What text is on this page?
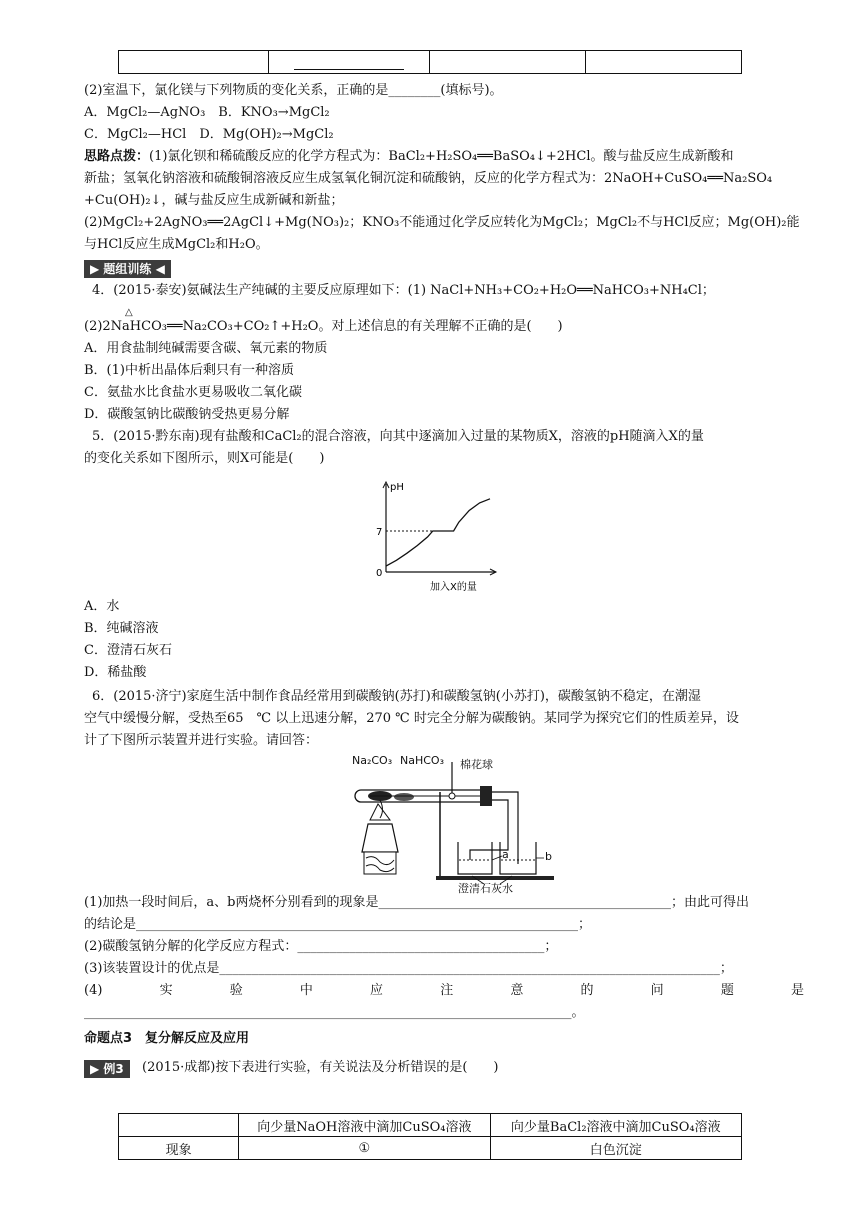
(2)室温下，氯化镁与下列物质的变化关系，正确的是________(填标号)。
A．MgCl₂—AgNO₃　B．KNO₃→MgCl₂
C．MgCl₂—HCl　D．Mg(OH)₂→MgCl₂
思路点拨：(1)氯化钡和稀硫酸反应的化学方程式为：BaCl₂+H₂SO₄══BaSO₄↓+2HCl。酸与盐反应生成新酸和
新盐；氢氧化钠溶液和硫酸铜溶液反应生成氢氧化铜沉淀和硫酸钠，反应的化学方程式为：2NaOH+CuSO₄══Na₂SO₄
+Cu(OH)₂↓，碱与盐反应生成新碱和新盐；
(2)MgCl₂+2AgNO₃══2AgCl↓+Mg(NO₃)₂；KNO₃不能通过化学反应转化为MgCl₂；MgCl₂不与HCl反应；Mg(OH)₂能
与HCl反应生成MgCl₂和H₂O。
▶ 题组训练 ◀
4．(2015·泰安)氨碱法生产纯碱的主要反应原理如下：(1) NaCl+NH₃+CO₂+H₂O══NaHCO₃+NH₄Cl；
△
(2)2NaHCO₃══Na₂CO₃+CO₂↑+H₂O。对上述信息的有关理解不正确的是(　　)
A．用食盐制纯碱需要含碳、氧元素的物质
B．(1)中析出晶体后剩只有一种溶质
C．氨盐水比食盐水更易吸收二氧化碳
D．碳酸氢钠比碳酸钠受热更易分解
5．(2015·黔东南)现有盐酸和CaCl₂的混合溶液，向其中逐滴加入过量的某物质X，溶液的pH随滴入X的量
的变化关系如下图所示，则X可能是(　　)
pH
7
0
加入X的量
A．水
B．纯碱溶液
C．澄清石灰石
D．稀盐酸
6．(2015·济宁)家庭生活中制作食品经常用到碳酸钠(苏打)和碳酸氢钠(小苏打)，碳酸氢钠不稳定，在潮湿
空气中缓慢分解，受热至65　℃ 以上迅速分解，270 ℃ 时完全分解为碳酸钠。某同学为探究它们的性质差异，设
计了下图所示装置并进行实验。请回答：
Na₂CO₃ NaHCO₃ 棉花球
a	b
澄清石灰水
(1)加热一段时间后，a、b两烧杯分别看到的现象是_____________________________________________；由此可得出
的结论是____________________________________________________________________；
(2)碳酸氢钠分解的化学反应方程式：______________________________________；
(3)该装置设计的优点是_____________________________________________________________________________；
(4)	实	验	中	应	注	意	的	问	题	是
___________________________________________________________________________。
命题点3　复分解反应及应用
▶ 例3	(2015·成都)按下表进行实验，有关说法及分析错误的是(　　)
	向少量NaOH溶液中滴加CuSO₄溶液	向少量BaCl₂溶液中滴加CuSO₄溶液
现象	①	白色沉淀
